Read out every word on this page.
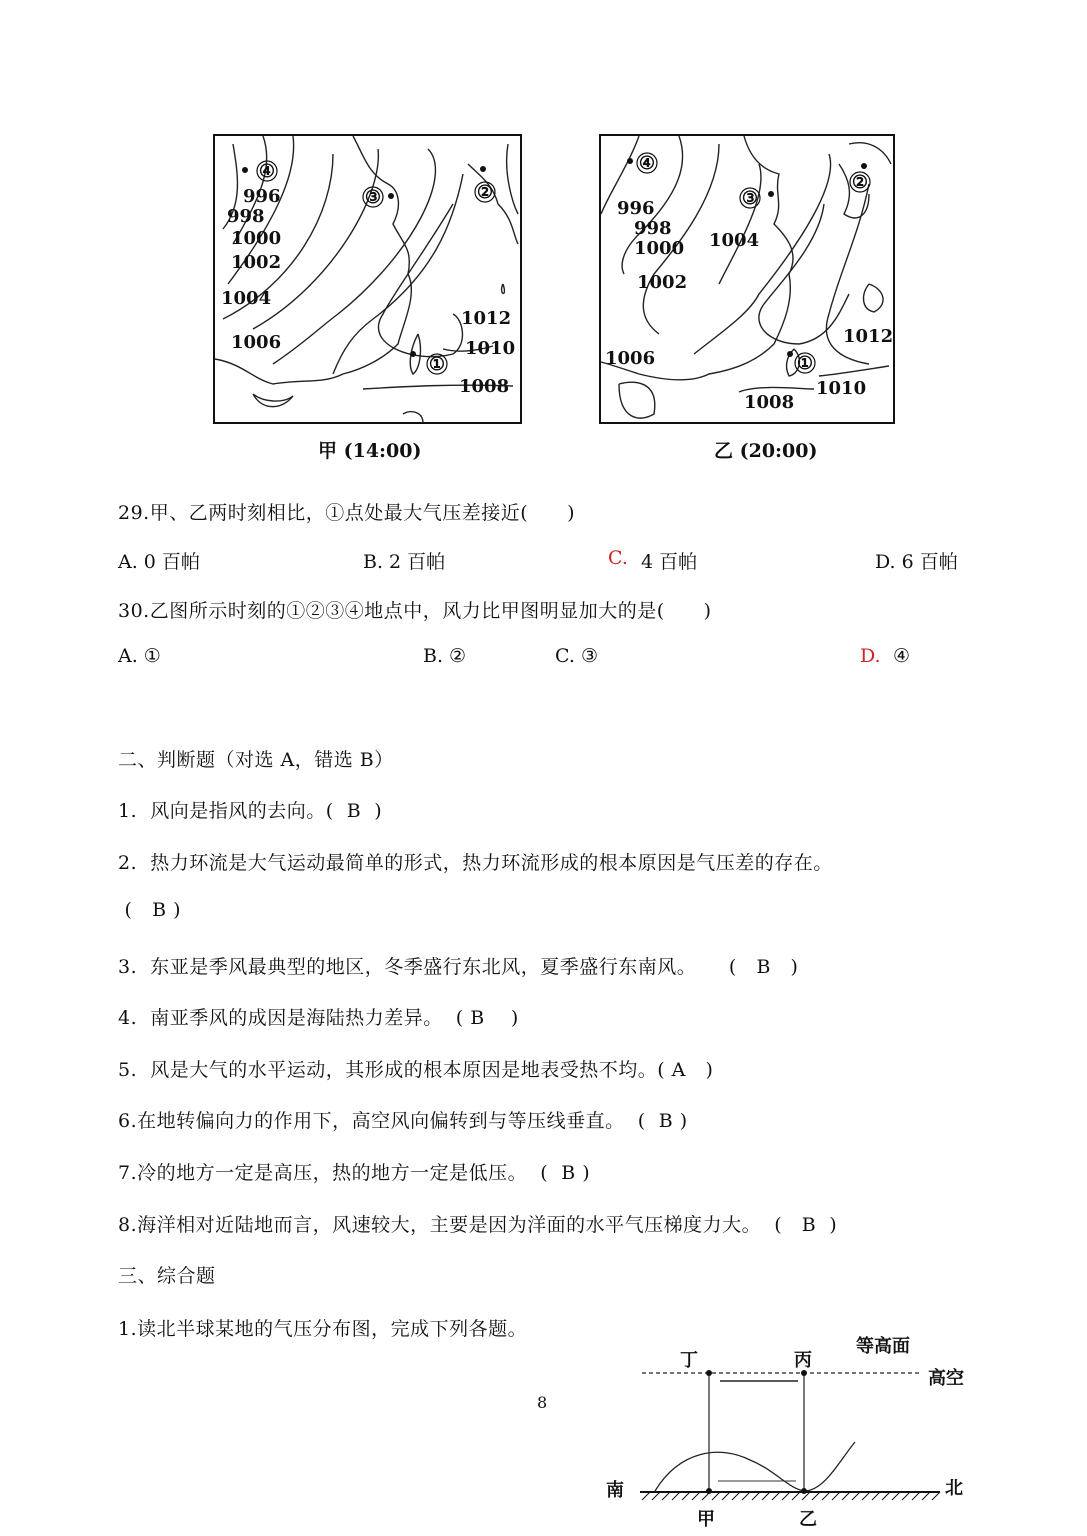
④
②
③
①
996
998
1000
1002
1004
1006
1008
1010
1012
甲 (14:00)
④
②
③
①
996
998
1000 1004
1002
1006
1012
1010
1008
乙 (20:00)
29.甲、乙两时刻相比，①点处最大气压差接近(　　)
A. 0 百帕	B. 2 百帕	C. 4 百帕	D. 6 百帕
30.乙图所示时刻的①②③④地点中，风力比甲图明显加大的是(　　)
A. ①	B. ②	C. ③	D. ④
二、判断题（对选 A，错选 B）
1.  风向是指风的去向。(  B  )
2.  热力环流是大气运动最简单的形式，热力环流形成的根本原因是气压差的存在。
(   B )
3.  东亚是季风最典型的地区，冬季盛行东北风，夏季盛行东南风。     (   B   )
4.  南亚季风的成因是海陆热力差异。  ( B    )
5.  风是大气的水平运动，其形成的根本原因是地表受热不均。( A   )
6.在地转偏向力的作用下，高空风向偏转到与等压线垂直。  (  B )
7.冷的地方一定是高压，热的地方一定是低压。  (  B )
8.海洋相对近陆地而言，风速较大，主要是因为洋面的水平气压梯度力大。  (   B  )
三、综合题
1.读北半球某地的气压分布图，完成下列各题。
8
丁	丙
等高面
高空
南	北
甲	乙
